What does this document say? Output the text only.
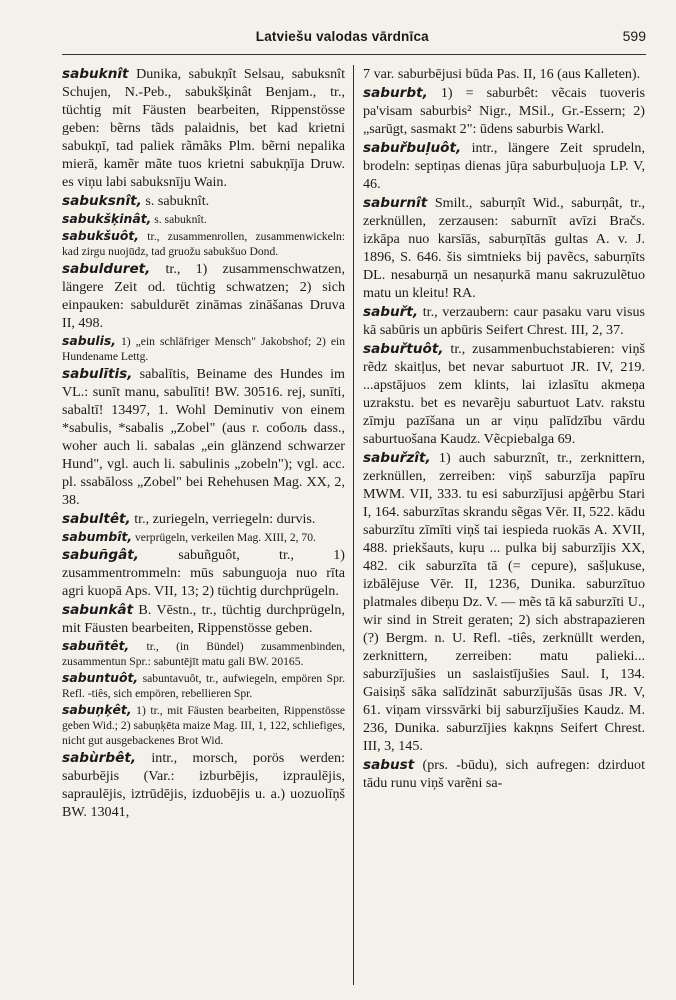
Latviešu valodas vārdnīca	599

sabuknît Dunika, sabukņît Selsau, sabuksnît Schujen, N.-Peb., sabukšķinât Benjam., tr., tüchtig mit Fäusten bearbeiten, Rippenstösse geben: bẽrns tãds palaidnis, bet kad krietni sabukņī, tad paliek rãmãks Plm. bẽrni nepalika mierā, kamẽr mãte tuos krietni sabukņīja Druw. es viņu labi sabuksnīju Wain.

sabuksnît, s. sabuknît.

sabukšķinât, s. sabuknît.

sabukšuôt, tr., zusammenrollen, zusammenwickeln: kad zirgu nuojūdz, tad gruožu sabukšuo Dond.

sabulduret, tr., 1) zusammenschwatzen, längere Zeit od. tüchtig schwatzen; 2) sich einpauken: sabuldurēt zināmas zināšanas Druva II, 498.

sabulis, 1) „ein schläfriger Mensch" Jakobshof; 2) ein Hundename Lettg.

sabulītis, sabalītis, Beiname des Hundes im VL.: sunīt manu, sabulīti! BW. 30516. rej, sunīti, sabaltī! 13497, 1. Wohl Deminutiv von einem *sabulis, *sabalis „Zobel" (aus r. соболь dass., woher auch li. sabalas „ein glänzend schwarzer Hund", vgl. auch li. sabulinis „zobeln"); vgl. acc. pl. ssabāloss „Zobel" bei Rehehusen Mag. XX, 2, 38.

sabultêt, tr., zuriegeln, verriegeln: durvis.

sabumbît, verprügeln, verkeilen Mag. XIII, 2, 70.

sabuñgât, sabuñguôt, tr., 1) zusammentrommeln: mūs sabunguoja nuo rīta agri kuopā Aps. VII, 13; 2) tüchtig durchprügeln.

sabunkât B. Vēstn., tr., tüchtig durchprügeln, mit Fäusten bearbeiten, Rippenstösse geben.

sabuñtêt, tr., (in Bündel) zusammenbinden, zusammentun Spr.: sabuntējīt matu gali BW. 20165.

sabuntuôt, sabuntavuôt, tr., aufwiegeln, empören Spr. Refl. -tiês, sich empören, rebellieren Spr.

sabuņķêt, 1) tr., mit Fäusten bearbeiten, Rippenstösse geben Wid.; 2) sabuņķēta maize Mag. III, 1, 122, schliefiges, nicht gut ausgebackenes Brot Wid.

sabùrbêt, intr., morsch, porös werden: saburbējis (Var.: izburbējis, izpraulējis, sapraulējis, iztrūdējis, izduobējis u. a.) uozuolīņš BW. 13041,

7 var. saburbējusi būda Pas. II, 16 (aus Kalleten).

saburbt, 1) = saburbêt: vẽcais tuoveris pa'visam saburbis² Nigr., MSil., Gr.-Essern; 2) „sarūgt, sasmakt 2": ūdens saburbis Warkl.

sabuřbuļuôt, intr., längere Zeit sprudeln, brodeln: septiņas dienas jūŗa saburbuļuoja LP. V, 46.

saburnît Smilt., saburņît Wid., saburņât, tr., zerknüllen, zerzausen: saburnīt avīzi Bračs. izkāpa nuo karsīās, saburņītās gultas A. v. J. 1896, S. 646. šis simtnieks bij pavẽcs, saburņīts DL. nesaburņā un nesaņurkā manu sakruzulẽtuo matu un kleitu! RA.

sabuřt, tr., verzaubern: caur pasaku varu visus kā sabūris un apbūris Seifert Chrest. III, 2, 37.

sabuřtuôt, tr., zusammenbuchstabieren: viņš rẽdz skaitļus, bet nevar saburtuot JR. IV, 219. ...apstājuos zem klints, lai izlasītu akmeņa uzrakstu. bet es nevarẽju saburtuot Latv. rakstu zīmju pazīšana un ar viņu palīdzību vārdu saburtuošana Kaudz. Vẽcpiebalga 69.

sabuřzît, 1) auch saburznît, tr., zerknittern, zerknüllen, zerreiben: viņš saburzīja papīru MWM. VII, 333. tu esi saburzījusi apģẽrbu Stari I, 164. saburzītas skrandu sẽgas Vēr. II, 522. kādu saburzītu zīmīti viņš tai iespieda ruokās A. XVII, 488. priekšauts, kuŗu ... pulka bij saburzījis XX, 482. cik saburzīta tā (= cepure), sašļukuse, izbālējuse Vēr. II, 1236, Dunika. saburzītuo platmales dibeņu Dz. V. — mẽs tā kā saburzīti U., wir sind in Streit geraten; 2) sich abstrapazieren (?) Bergm. n. U. Refl. -tiês, zerknüllt werden, zerknittern, zerreiben: matu palieki... saburzījušies un saslaistījušies Saul. I, 134. Gaisiņš sāka salīdzināt saburzījušās ūsas JR. V, 61. viņam virssvārki bij saburzījušies Kaudz. M. 236, Dunika. saburzījies kakņns Seifert Chrest. III, 3, 145.

sabust (prs. -būdu), sich aufregen: dzirduot tādu runu viņš varẽni sa-
